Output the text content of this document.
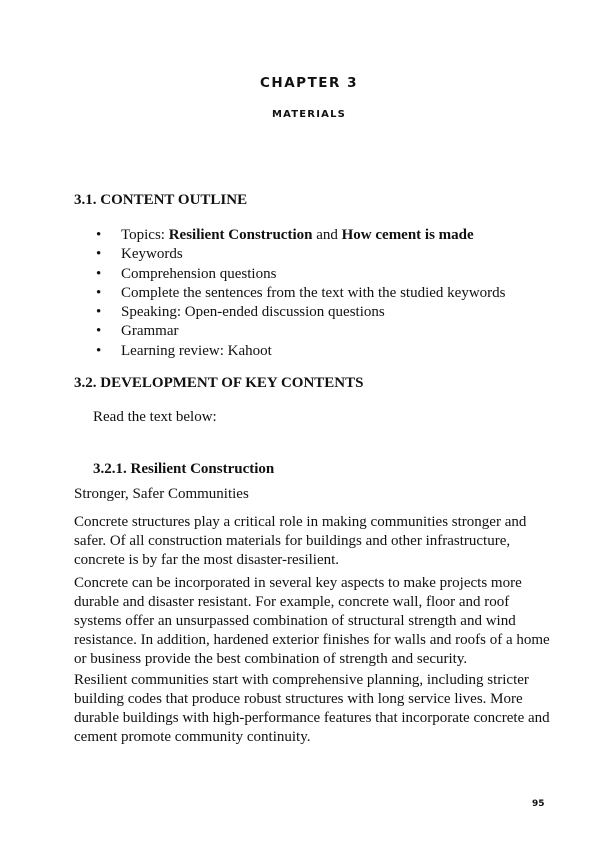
CHAPTER 3
MATERIALS
3.1. CONTENT OUTLINE
• Topics: Resilient Construction and How cement is made
• Keywords
• Comprehension questions
• Complete the sentences from the text with the studied keywords
• Speaking: Open-ended discussion questions
• Grammar
• Learning review: Kahoot
3.2. DEVELOPMENT OF KEY CONTENTS

Read the text below:

3.2.1. Resilient Construction

Stronger, Safer Communities

Concrete structures play a critical role in making communities stronger and safer. Of all construction materials for buildings and other infrastructure, concrete is by far the most disaster-resilient.

Concrete can be incorporated in several key aspects to make projects more durable and disaster resistant. For example, concrete wall, floor and roof systems offer an unsurpassed combination of structural strength and wind resistance. In addition, hardened exterior finishes for walls and roofs of a home or business provide the best combination of strength and security.

Resilient communities start with comprehensive planning, including stricter building codes that produce robust structures with long service lives. More durable buildings with high-performance features that incorporate concrete and cement promote community continuity.

95
